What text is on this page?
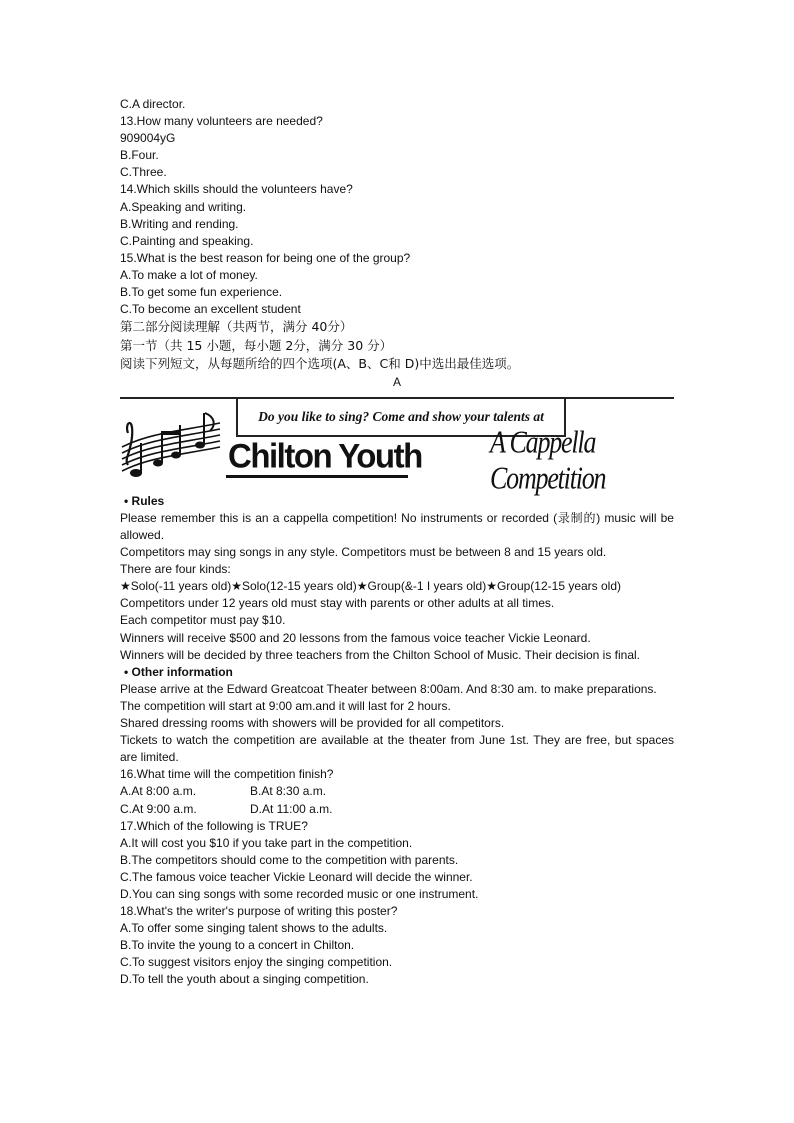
C.A director.
13.How many volunteers are needed?
909004yG
B.Four.
C.Three.
14.Which skills should the volunteers have?
A.Speaking and writing.
B.Writing and rending.
C.Painting and speaking.
15.What is the best reason for being one of the group?
A.To make a lot of money.
B.To get some fun experience.
C.To become an excellent student
第二部分阅读理解（共两节，满分 40分）
第一节（共 15 小题，每小题 2分，满分 30 分）
阅读下列短文，从每题所给的四个选项(A、B、C和 D)中选出最佳选项。
A
Do you like to sing? Come and show your talents at
Chilton Youth	A Cappella Competition
• Rules
Please remember this is an a cappella competition! No instruments or recorded (录制的) music will be allowed.
Competitors may sing songs in any style. Competitors must be between 8 and 15 years old.
There are four kinds:
★Solo(-11 years old)★Solo(12-15 years old)★Group(&-1 I years old)★Group(12-15 years old)
Competitors under 12 years old must stay with parents or other adults at all times.
Each competitor must pay $10.
Winners will receive $500 and 20 lessons from the famous voice teacher Vickie Leonard.
Winners will be decided by three teachers from the Chilton School of Music. Their decision is final.
• Other information
Please arrive at the Edward Greatcoat Theater between 8:00am. And 8:30 am. to make preparations.
The competition will start at 9:00 am.and it will last for 2 hours.
Shared dressing rooms with showers will be provided for all competitors.
Tickets to watch the competition are available at the theater from June 1st. They are free, but spaces are limited.
16.What time will the competition finish?
A.At 8:00 a.m.	B.At 8:30 a.m.
C.At 9:00 a.m.	D.At 11:00 a.m.
17.Which of the following is TRUE?
A.It will cost you $10 if you take part in the competition.
B.The competitors should come to the competition with parents.
C.The famous voice teacher Vickie Leonard will decide the winner.
D.You can sing songs with some recorded music or one instrument.
18.What's the writer's purpose of writing this poster?
A.To offer some singing talent shows to the adults.
B.To invite the young to a concert in Chilton.
C.To suggest visitors enjoy the singing competition.
D.To tell the youth about a singing competition.
